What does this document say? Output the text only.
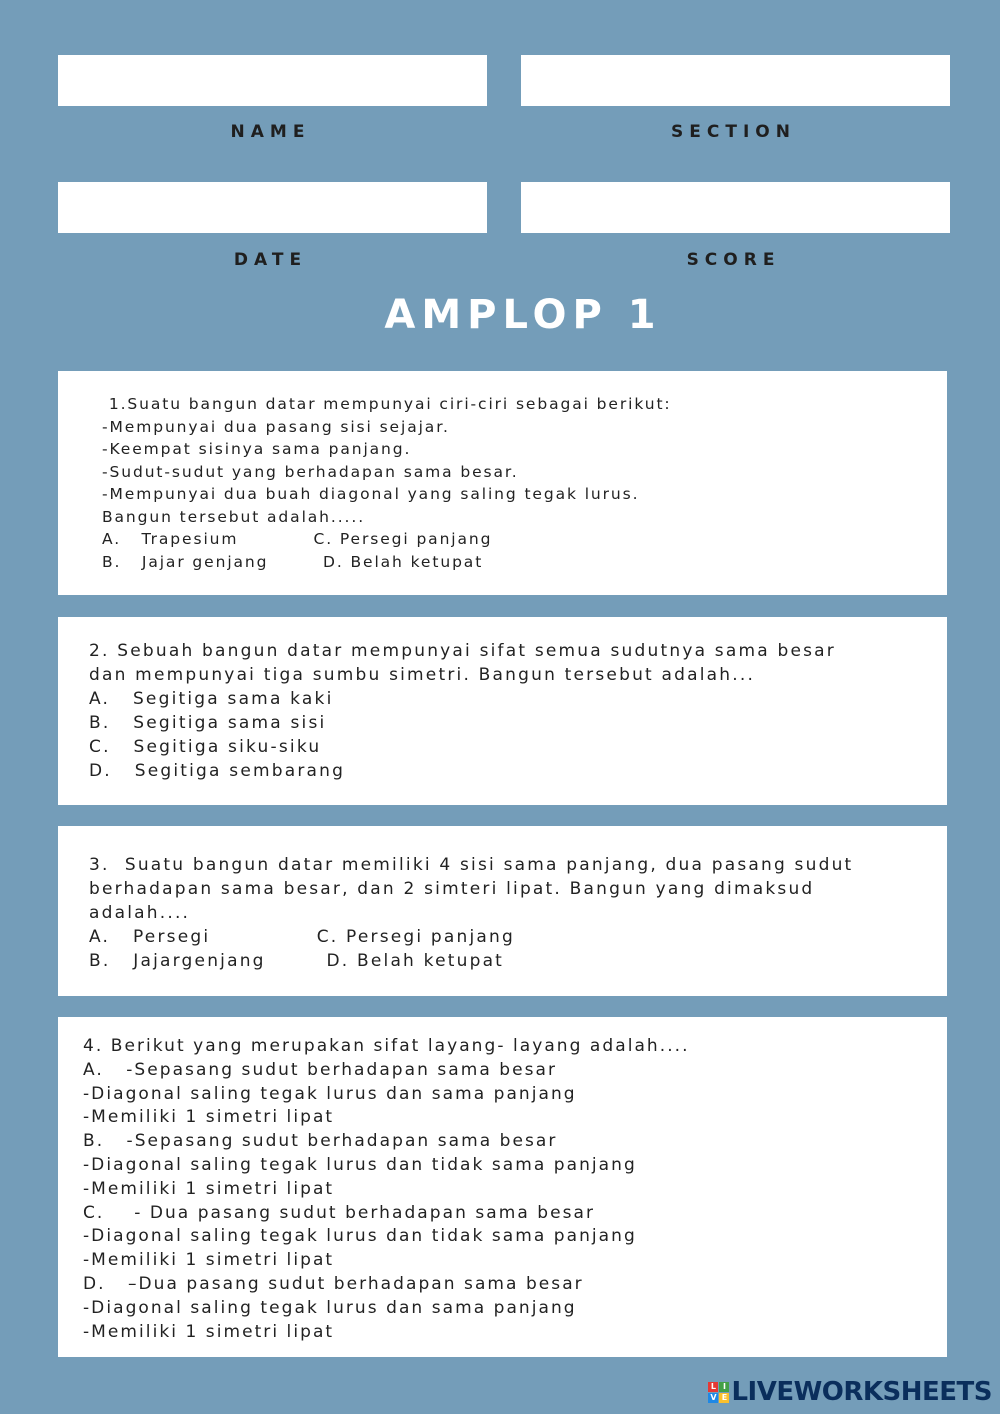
NAME	SECTION
DATE	SCORE
AMPLOP 1
1.Suatu bangun datar mempunyai ciri-ciri sebagai berikut:
-Mempunyai dua pasang sisi sejajar.
-Keempat sisinya sama panjang.
-Sudut-sudut yang berhadapan sama besar.
-Mempunyai dua buah diagonal yang saling tegak lurus.
Bangun tersebut adalah.....
A.   Trapesium           C. Persegi panjang
B.   Jajar genjang        D. Belah ketupat
2. Sebuah bangun datar mempunyai sifat semua sudutnya sama besar
dan mempunyai tiga sumbu simetri. Bangun tersebut adalah...
A.   Segitiga sama kaki
B.   Segitiga sama sisi
C.   Segitiga siku-siku
D.   Segitiga sembarang
3.  Suatu bangun datar memiliki 4 sisi sama panjang, dua pasang sudut
berhadapan sama besar, dan 2 simteri lipat. Bangun yang dimaksud
adalah....
A.   Persegi              C. Persegi panjang
B.   Jajargenjang        D. Belah ketupat
4. Berikut yang merupakan sifat layang- layang adalah....
A.   -Sepasang sudut berhadapan sama besar
-Diagonal saling tegak lurus dan sama panjang
-Memiliki 1 simetri lipat
B.   -Sepasang sudut berhadapan sama besar
-Diagonal saling tegak lurus dan tidak sama panjang
-Memiliki 1 simetri lipat
C.    - Dua pasang sudut berhadapan sama besar
-Diagonal saling tegak lurus dan tidak sama panjang
-Memiliki 1 simetri lipat
D.   –Dua pasang sudut berhadapan sama besar
-Diagonal saling tegak lurus dan sama panjang
-Memiliki 1 simetri lipat
L I
V E LIVEWORKSHEETS
